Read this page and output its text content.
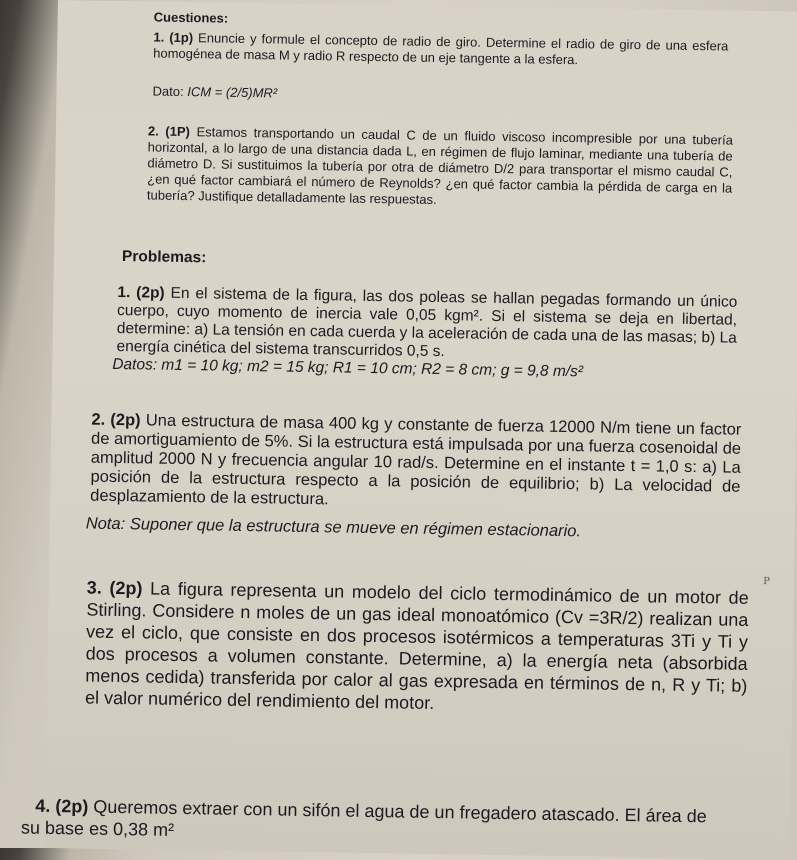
Cuestiones:

1. (1p) Enuncie y formule el concepto de radio de giro. Determine el radio de giro de una esfera homogénea de masa M y radio R respecto de un eje tangente a la esfera.
Dato: ICM = (2/5)MR²
2. (1P) Estamos transportando un caudal C de un fluido viscoso incompresible por una tubería horizontal, a lo largo de una distancia dada L, en régimen de flujo laminar, mediante una tubería de diámetro D. Si sustituimos la tubería por otra de diámetro D/2 para transportar el mismo caudal C, ¿en qué factor cambiará el número de Reynolds? ¿en qué factor cambia la pérdida de carga en la tubería? Justifique detalladamente las respuestas.

Problemas:

1. (2p) En el sistema de la figura, las dos poleas se hallan pegadas formando un único cuerpo, cuyo momento de inercia vale 0,05 kgm². Si el sistema se deja en libertad, determine: a) La tensión en cada cuerda y la aceleración de cada una de las masas; b) La energía cinética del sistema transcurridos 0,5 s.

Datos: m1 = 10 kg; m2 = 15 kg; R1 = 10 cm; R2 = 8 cm; g = 9,8 m/s²

2. (2p) Una estructura de masa 400 kg y constante de fuerza 12000 N/m tiene un factor de amortiguamiento de 5%. Si la estructura está impulsada por una fuerza cosenoidal de amplitud 2000 N y frecuencia angular 10 rad/s. Determine en el instante t = 1,0 s: a) La posición de la estructura respecto a la posición de equilibrio; b) La velocidad de desplazamiento de la estructura.

Nota: Suponer que la estructura se mueve en régimen estacionario.

3. (2p) La figura representa un modelo del ciclo termodinámico de un motor de Stirling. Considere n moles de un gas ideal monoatómico (Cv =3R/2) realizan una vez el ciclo, que consiste en dos procesos isotérmicos a temperaturas 3Ti y Ti y dos procesos a volumen constante. Determine, a) la energía neta (absorbida menos cedida) transferida por calor al gas expresada en términos de n, R y Ti; b) el valor numérico del rendimiento del motor.
4. (2p) Queremos extraer con un sifón el agua de un fregadero atascado. El área de

su base es 0,38 m²

P
